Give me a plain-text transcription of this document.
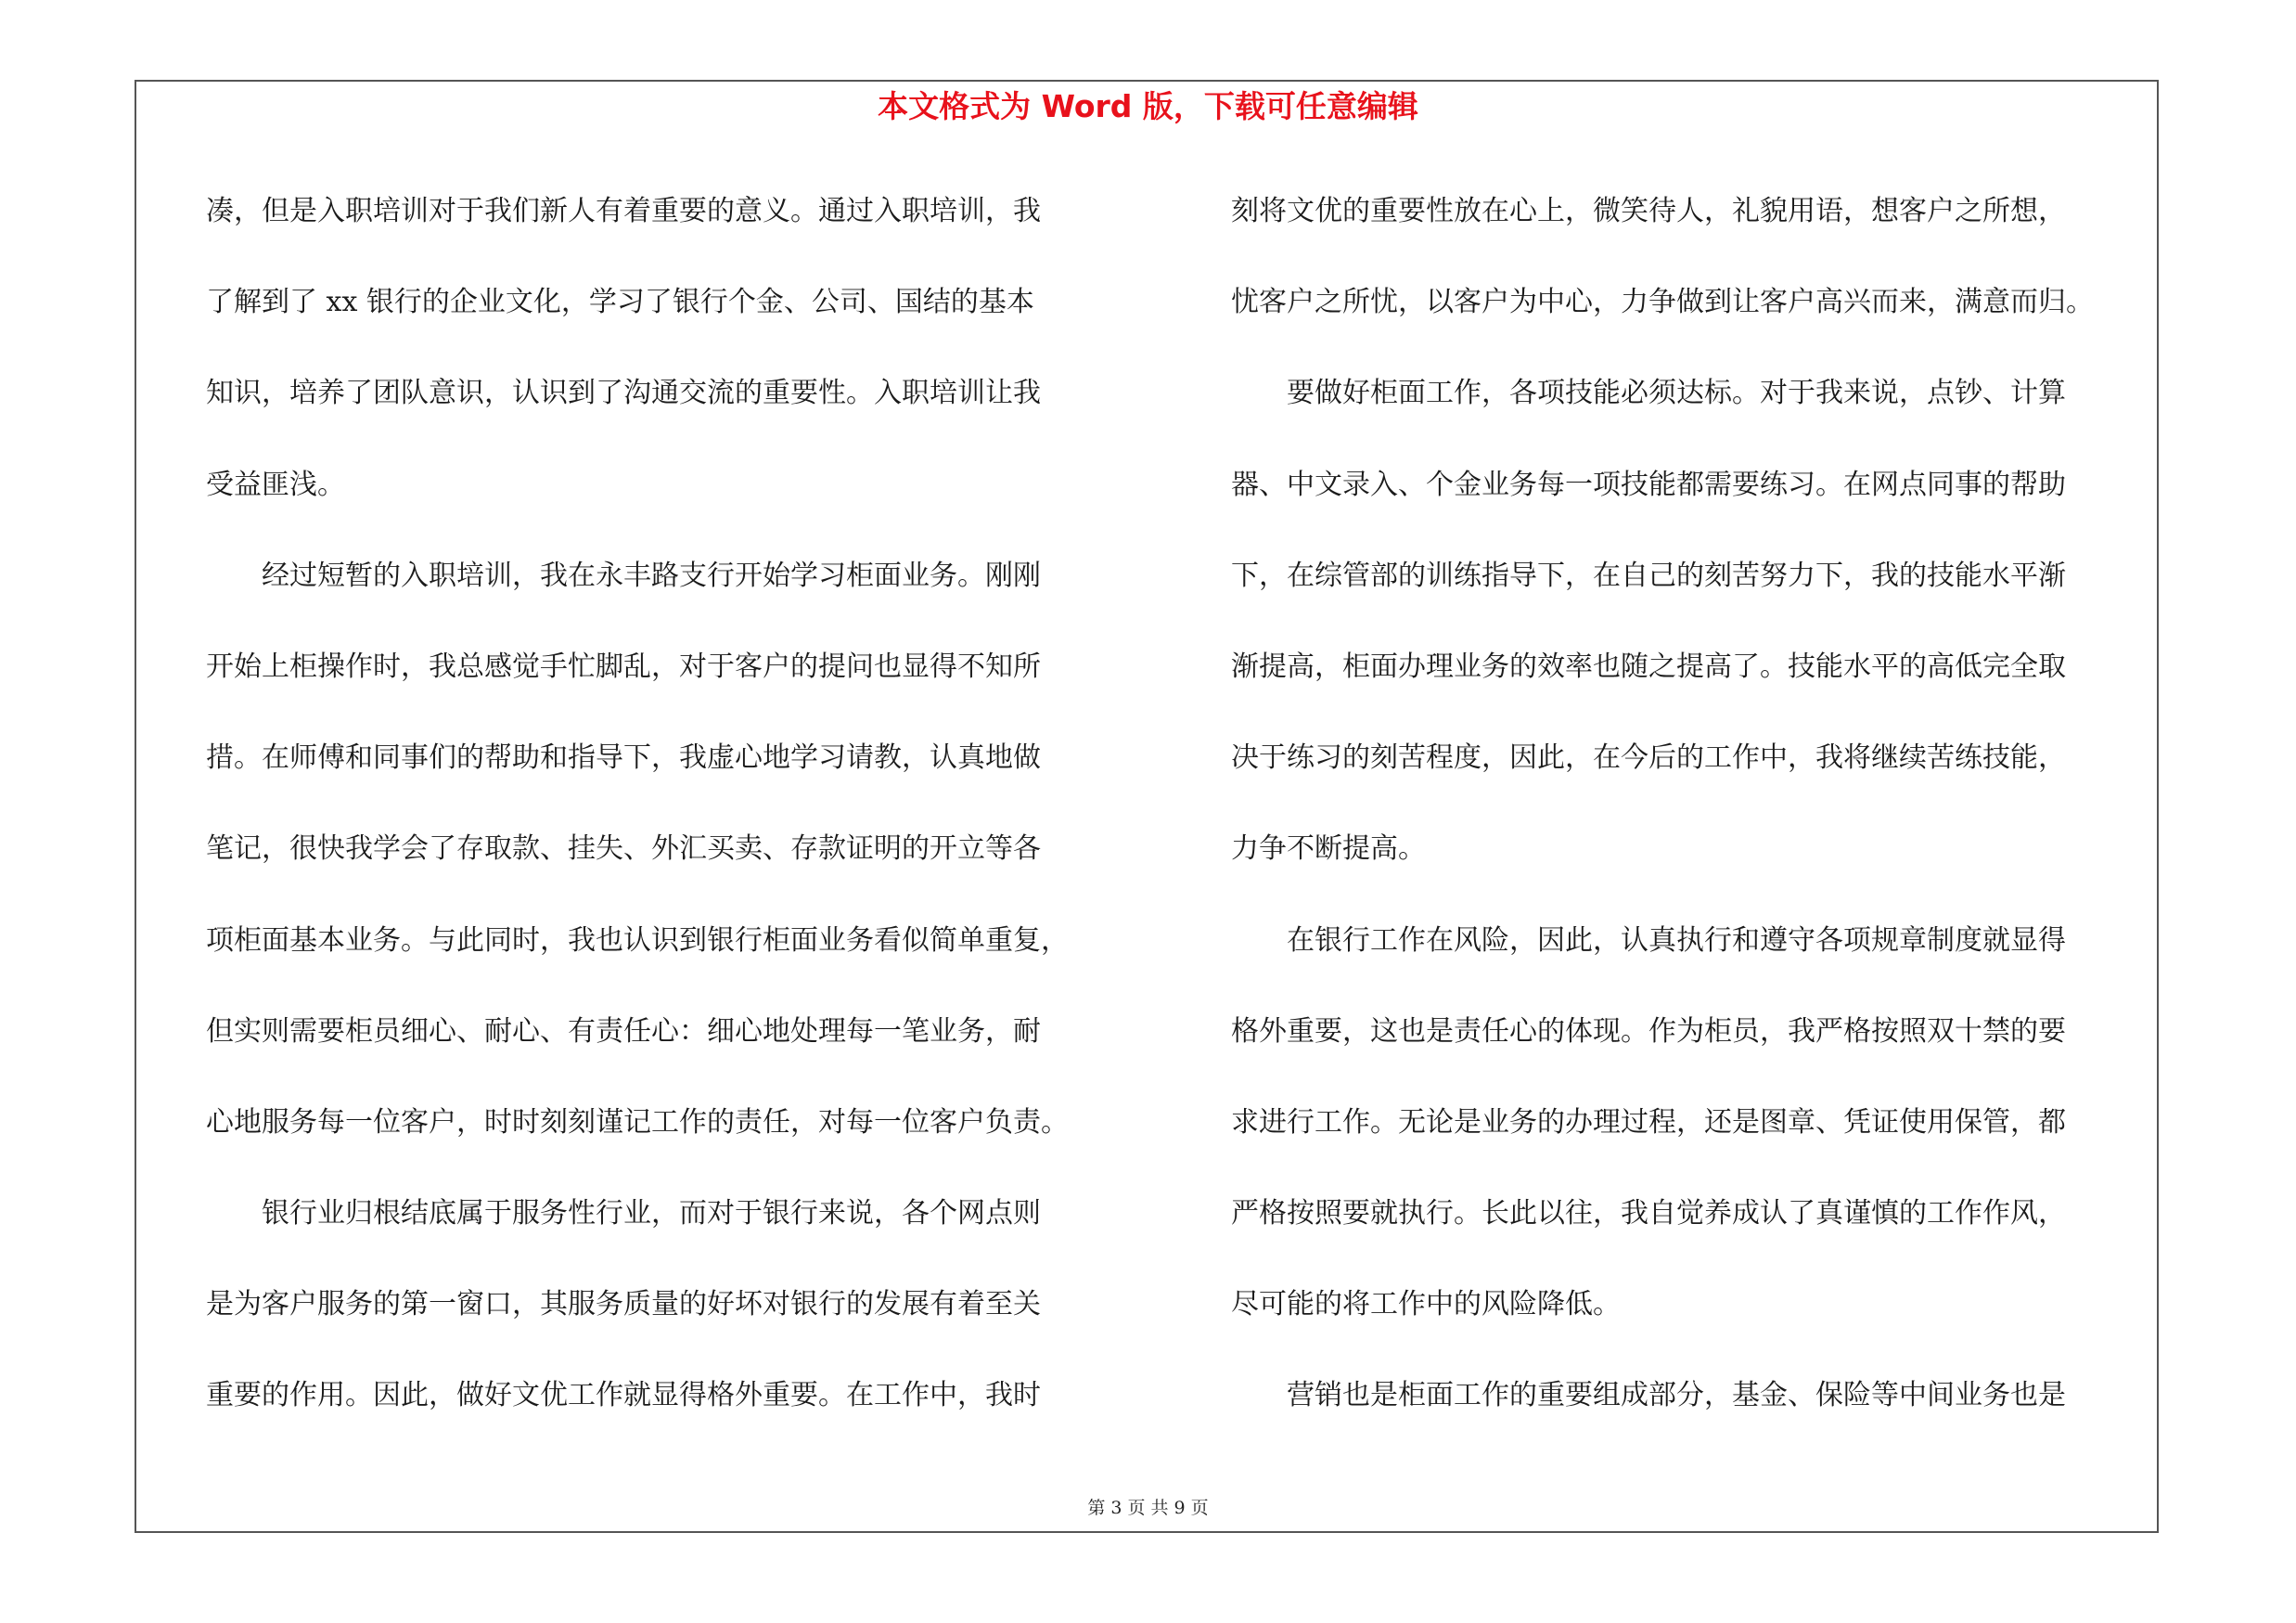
本文格式为 Word 版，下载可任意编辑
凑，但是入职培训对于我们新人有着重要的意义。通过入职培训，我
了解到了 xx 银行的企业文化，学习了银行个金、公司、国结的基本
知识，培养了团队意识，认识到了沟通交流的重要性。入职培训让我
受益匪浅。
　　经过短暂的入职培训，我在永丰路支行开始学习柜面业务。刚刚
开始上柜操作时，我总感觉手忙脚乱，对于客户的提问也显得不知所
措。在师傅和同事们的帮助和指导下，我虚心地学习请教，认真地做
笔记，很快我学会了存取款、挂失、外汇买卖、存款证明的开立等各
项柜面基本业务。与此同时，我也认识到银行柜面业务看似简单重复，
但实则需要柜员细心、耐心、有责任心：细心地处理每一笔业务，耐
心地服务每一位客户，时时刻刻谨记工作的责任，对每一位客户负责。
　　银行业归根结底属于服务性行业，而对于银行来说，各个网点则
是为客户服务的第一窗口，其服务质量的好坏对银行的发展有着至关
重要的作用。因此，做好文优工作就显得格外重要。在工作中，我时
刻将文优的重要性放在心上，微笑待人，礼貌用语，想客户之所想，
忧客户之所忧，以客户为中心，力争做到让客户高兴而来，满意而归。
　　要做好柜面工作，各项技能必须达标。对于我来说，点钞、计算
器、中文录入、个金业务每一项技能都需要练习。在网点同事的帮助
下，在综管部的训练指导下，在自己的刻苦努力下，我的技能水平渐
渐提高，柜面办理业务的效率也随之提高了。技能水平的高低完全取
决于练习的刻苦程度，因此，在今后的工作中，我将继续苦练技能，
力争不断提高。
　　在银行工作在风险，因此，认真执行和遵守各项规章制度就显得
格外重要，这也是责任心的体现。作为柜员，我严格按照双十禁的要
求进行工作。无论是业务的办理过程，还是图章、凭证使用保管，都
严格按照要就执行。长此以往，我自觉养成认了真谨慎的工作作风，
尽可能的将工作中的风险降低。
　　营销也是柜面工作的重要组成部分，基金、保险等中间业务也是
第 3 页 共 9 页
